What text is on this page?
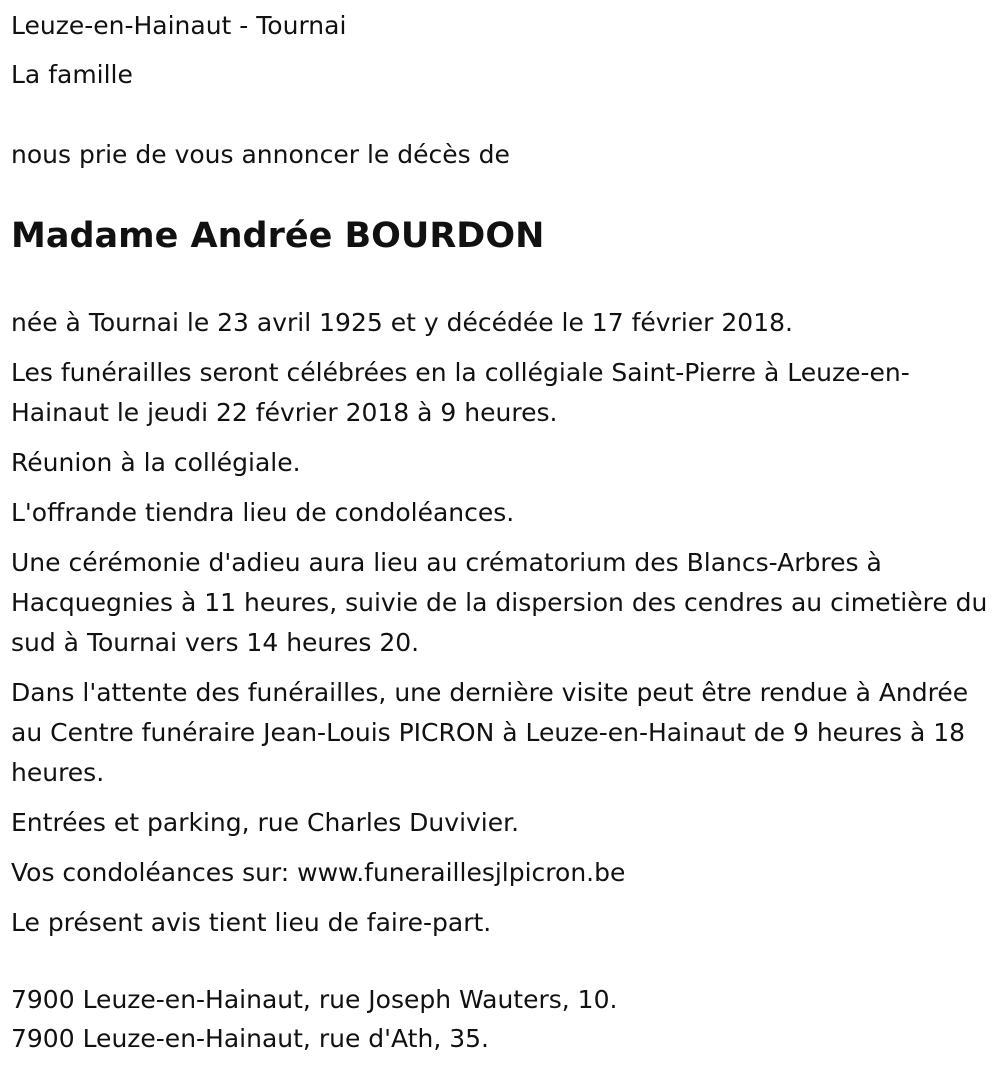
Leuze-en-Hainaut - Tournai

La famille

nous prie de vous annoncer le décès de

Madame Andrée BOURDON

née à Tournai le 23 avril 1925 et y décédée le 17 février 2018.

Les funérailles seront célébrées en la collégiale Saint-Pierre à Leuze-en-Hainaut le jeudi 22 février 2018 à 9 heures.

Réunion à la collégiale.

L'offrande tiendra lieu de condoléances.

Une cérémonie d'adieu aura lieu au crématorium des Blancs-Arbres à Hacquegnies à 11 heures, suivie de la dispersion des cendres au cimetière du sud à Tournai vers 14 heures 20.

Dans l'attente des funérailles, une dernière visite peut être rendue à Andrée au Centre funéraire Jean-Louis PICRON à Leuze-en-Hainaut de 9 heures à 18 heures.

Entrées et parking, rue Charles Duvivier.

Vos condoléances sur: www.funeraillesjlpicron.be

Le présent avis tient lieu de faire-part.

7900 Leuze-en-Hainaut, rue Joseph Wauters, 10.

7900 Leuze-en-Hainaut, rue d'Ath, 35.
